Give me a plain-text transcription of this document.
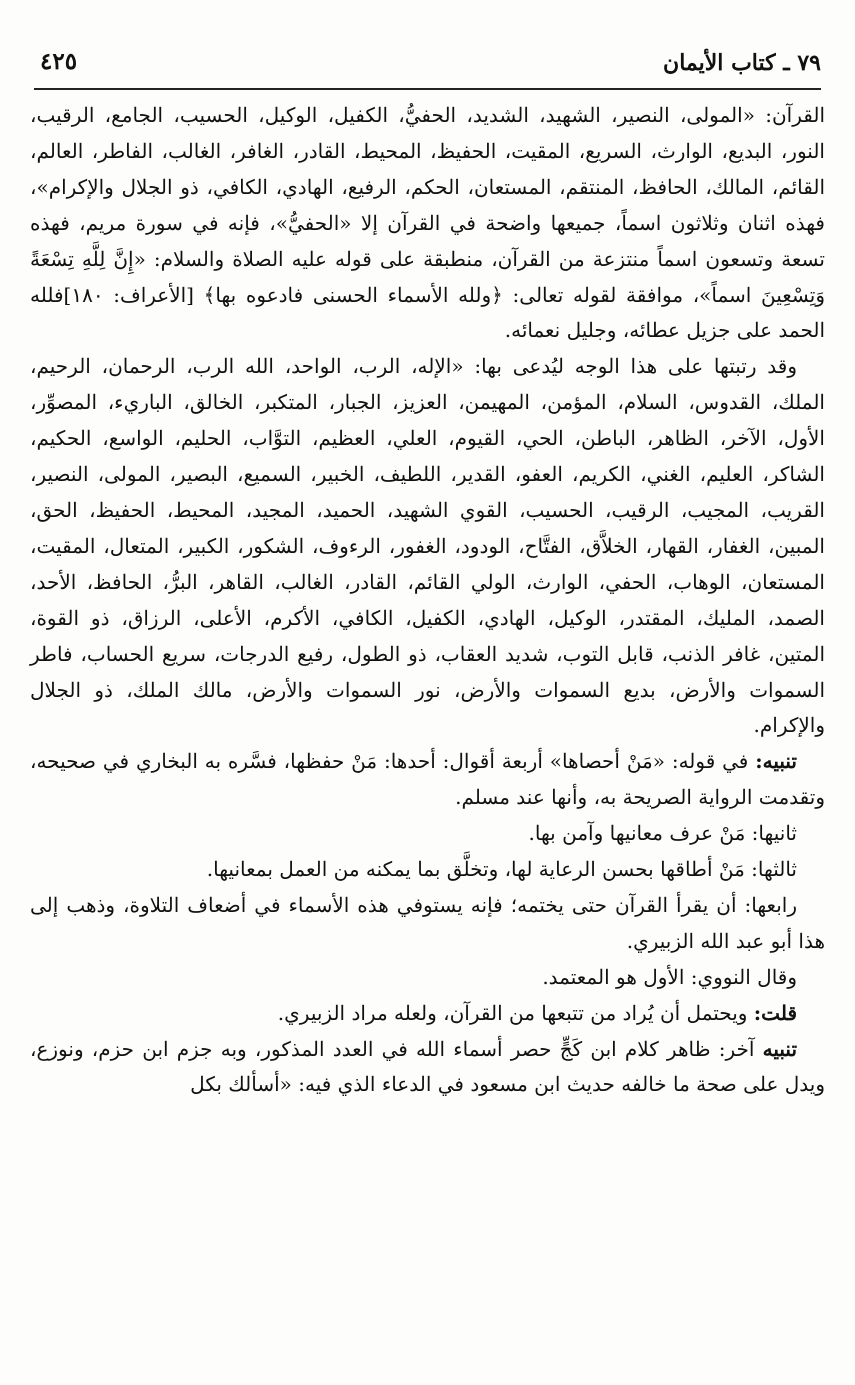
٧٩ ـ كتاب الأيمان
٤٢٥

القرآن: «المولى، النصير، الشهيد، الشديد، الحفيُّ، الكفيل، الوكيل، الحسيب، الجامع، الرقيب، النور، البديع، الوارث، السريع، المقيت، الحفيظ، المحيط، القادر، الغافر، الغالب، الفاطر، العالم، القائم، المالك، الحافظ، المنتقم، المستعان، الحكم، الرفيع، الهادي، الكافي، ذو الجلال والإكرام»، فهذه اثنان وثلاثون اسماً، جميعها واضحة في القرآن إلا «الحفيُّ»، فإنه في سورة مريم، فهذه تسعة وتسعون اسماً منتزعة من القرآن، منطبقة على قوله عليه الصلاة والسلام: «إِنَّ لِلَّهِ تِسْعَةً وَتِسْعِينَ اسماً»، موافقة لقوله تعالى: ﴿ولله الأسماء الحسنى فادعوه بها﴾ [الأعراف: ١٨٠]فلله الحمد على جزيل عطائه، وجليل نعمائه.

وقد رتبتها على هذا الوجه ليُدعى بها: «الإله، الرب، الواحد، الله الرب، الرحمان، الرحيم، الملك، القدوس، السلام، المؤمن، المهيمن، العزيز، الجبار، المتكبر، الخالق، الباريء، المصوِّر، الأول، الآخر، الظاهر، الباطن، الحي، القيوم، العلي، العظيم، التوَّاب، الحليم، الواسع، الحكيم، الشاكر، العليم، الغني، الكريم، العفو، القدير، اللطيف، الخبير، السميع، البصير، المولى، النصير، القريب، المجيب، الرقيب، الحسيب، القوي الشهيد، الحميد، المجيد، المحيط، الحفيظ، الحق، المبين، الغفار، القهار، الخلاَّق، الفتَّاح، الودود، الغفور، الرءوف، الشكور، الكبير، المتعال، المقيت، المستعان، الوهاب، الحفي، الوارث، الولي القائم، القادر، الغالب، القاهر، البرُّ، الحافظ، الأحد، الصمد، المليك، المقتدر، الوكيل، الهادي، الكفيل، الكافي، الأكرم، الأعلى، الرزاق، ذو القوة، المتين، غافر الذنب، قابل التوب، شديد العقاب، ذو الطول، رفيع الدرجات، سريع الحساب، فاطر السموات والأرض، بديع السموات والأرض، نور السموات والأرض، مالك الملك، ذو الجلال والإكرام.

تنبيه: في قوله: «مَنْ أحصاها» أربعة أقوال: أحدها: مَنْ حفظها، فسَّره به البخاري في صحيحه، وتقدمت الرواية الصريحة به، وأنها عند مسلم.

ثانيها: مَنْ عرف معانيها وآمن بها.

ثالثها: مَنْ أطاقها بحسن الرعاية لها، وتخلَّق بما يمكنه من العمل بمعانيها.

رابعها: أن يقرأ القرآن حتى يختمه؛ فإنه يستوفي هذه الأسماء في أضعاف التلاوة، وذهب إلى هذا أبو عبد الله الزبيري.

وقال النووي: الأول هو المعتمد.

قلت: ويحتمل أن يُراد من تتبعها من القرآن، ولعله مراد الزبيري.

تنبيه آخر: ظاهر كلام ابن كَجٍّ حصر أسماء الله في العدد المذكور، وبه جزم ابن حزم، ونوزع، ويدل على صحة ما خالفه حديث ابن مسعود في الدعاء الذي فيه: «أسألك بكل
